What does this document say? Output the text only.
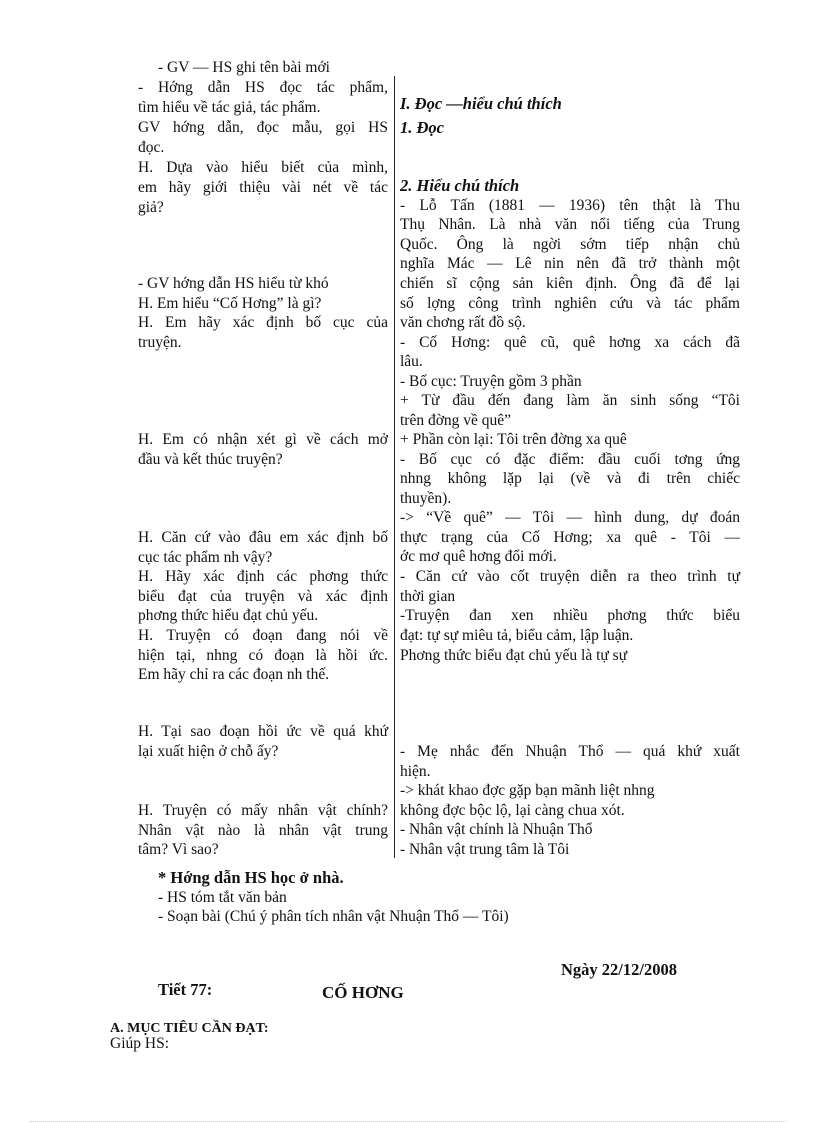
- GV — HS ghi tên bài mới
- Hớng dẫn HS đọc tác phẩm,
tìm hiểu về tác giả, tác phẩm.
GV hớng dẫn, đọc mẫu, gọi HS
đọc.
H. Dựa vào hiểu biết của mình,
em hãy giới thiệu vài nét về tác
giả?
- GV hớng dẫn HS hiểu từ khó
H. Em hiểu “Cố Hơng” là gì?
H. Em hãy xác định bố cục của
truyện.
H. Em có nhận xét gì về cách mở
đầu và kết thúc truyện?
H. Căn cứ vào đâu em xác định bố
cục tác phẩm nh vậy?
H. Hãy xác định các phơng thức
biểu đạt của truyện và xác định
phơng thức hiểu đạt chủ yếu.
H. Truyện có đoạn đang nói về
hiện tại, nhng có đoạn là hồi ức.
Em hãy chỉ ra các đoạn nh thế.
H. Tại sao đoạn hồi ức về quá khứ
lại xuất hiện ở chỗ ấy?
H. Truyện có mấy nhân vật chính?
Nhân vật nào là nhân vật trung
tâm? Vì sao?
I. Đọc —hiểu chú thích
1. Đọc
2. Hiểu chú thích
- Lỗ Tấn (1881 — 1936) tên thật là Thu
Thụ Nhân. Là nhà văn nổi tiếng của Trung
Quốc. Ông là ngời sớm tiếp nhận chủ
nghĩa Mác — Lê nin nên đã trở thành một
chiến sĩ cộng sản kiên định. Ông đã để lại
số lợng công trình nghiên cứu và tác phẩm
văn chơng rất đồ sộ.
- Cố Hơng: quê cũ, quê hơng xa cách đã
lâu.
- Bố cục: Truyện gồm 3 phần
+ Từ đầu đến đang làm ăn sinh sống “Tôi
trên đờng về quê”
+ Phần còn lại: Tôi trên đờng xa quê
- Bố cục có đặc điểm: đầu cuối tơng ứng
nhng không lặp lại (về và đi trên chiếc
thuyền).
-> “Về quê” — Tôi — hình dung, dự đoán
thực trạng của Cố Hơng; xa quê - Tôi —
ớc mơ quê hơng đổi mới.
- Căn cứ vào cốt truyện diễn ra theo trình tự
thời gian
-Truyện đan xen nhiều phơng thức biểu
đạt: tự sự miêu tả, biểu cảm, lập luận.
Phơng thức biểu đạt chủ yếu là tự sự
- Mẹ nhắc đến Nhuận Thổ — quá khứ xuất
hiện.
-> khát khao đợc gặp bạn mãnh liệt nhng
không đợc bộc lộ, lại càng chua xót.
- Nhân vật chính là Nhuận Thổ
- Nhân vật trung tâm là Tôi
* Hớng dẫn HS học ở nhà.
- HS tóm tắt văn bản
- Soạn bài (Chú ý phân tích nhân vật Nhuận Thổ — Tôi)
Ngày 22/12/2008
Tiết 77:	CỐ HƠNG
A. MỤC TIÊU CẦN ĐẠT:
Giúp HS:
